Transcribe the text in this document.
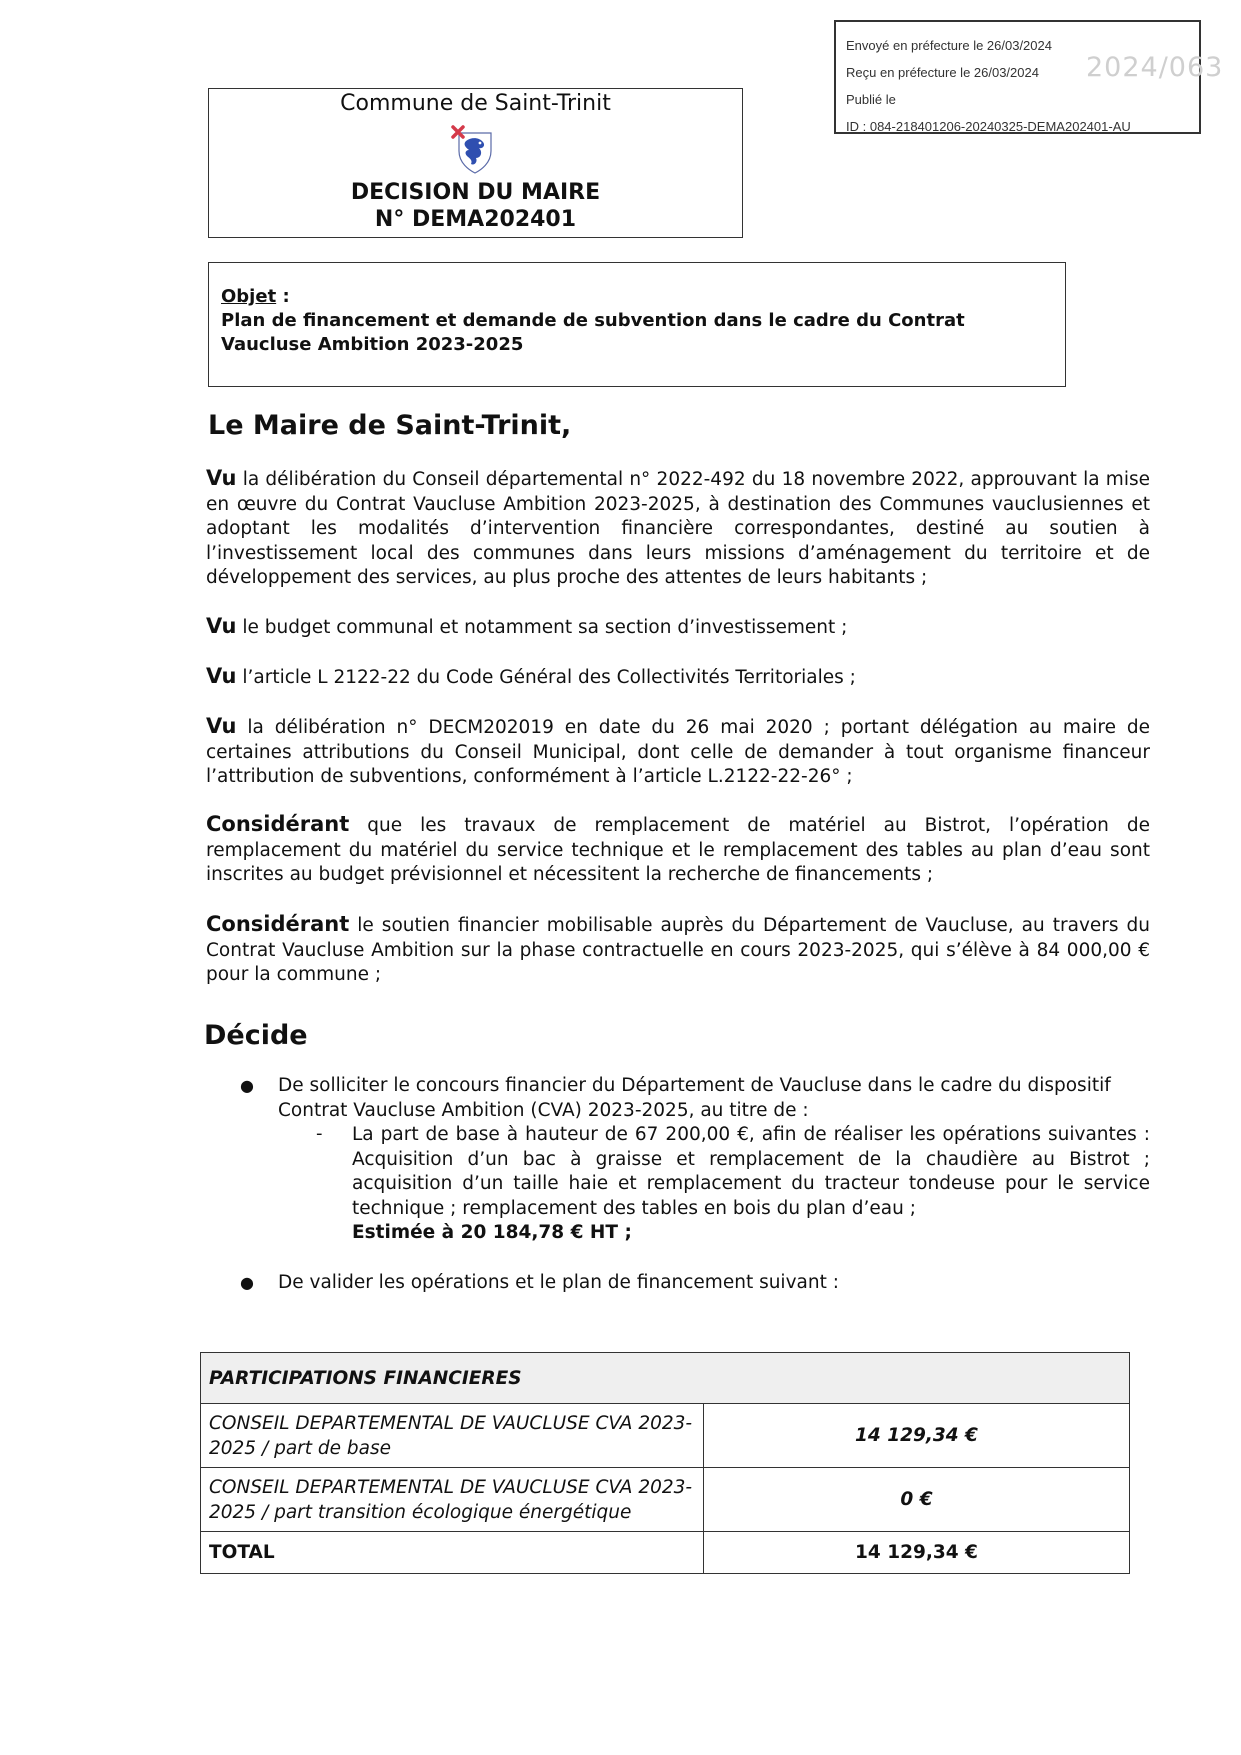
Envoyé en préfecture le 26/03/2024
Reçu en préfecture le 26/03/2024
Publié le
ID : 084-218401206-20240325-DEMA202401-AU
2024/063
Commune de Saint-Trinit
DECISION DU MAIRE
N° DEMA202401
Objet :
Plan de financement et demande de subvention dans le cadre du Contrat Vaucluse Ambition 2023-2025
Le Maire de Saint-Trinit,
Vu la délibération du Conseil départemental n° 2022-492 du 18 novembre 2022, approuvant la mise en œuvre du Contrat Vaucluse Ambition 2023-2025, à destination des Communes vauclusiennes et adoptant les modalités d’intervention financière correspondantes, destiné au soutien à l’investissement local des communes dans leurs missions d’aménagement du territoire et de développement des services, au plus proche des attentes de leurs habitants ;
Vu le budget communal et notamment sa section d’investissement ;
Vu l’article L 2122-22 du Code Général des Collectivités Territoriales ;
Vu la délibération n° DECM202019 en date du 26 mai 2020 ; portant délégation au maire de certaines attributions du Conseil Municipal, dont celle de demander à tout organisme financeur l’attribution de subventions, conformément à l’article L.2122-22-26° ;
Considérant que les travaux de remplacement de matériel au Bistrot, l’opération de remplacement du matériel du service technique et le remplacement des tables au plan d’eau sont inscrites au budget prévisionnel et nécessitent la recherche de financements ;
Considérant le soutien financier mobilisable auprès du Département de Vaucluse, au travers du Contrat Vaucluse Ambition sur la phase contractuelle en cours 2023-2025, qui s’élève à 84 000,00 € pour la commune ;
Décide
● De solliciter le concours financier du Département de Vaucluse dans le cadre du dispositif Contrat Vaucluse Ambition (CVA) 2023-2025, au titre de :
- La part de base à hauteur de 67 200,00 €, afin de réaliser les opérations suivantes : Acquisition d’un bac à graisse et remplacement de la chaudière au Bistrot ; acquisition d’un taille haie et remplacement du tracteur tondeuse pour le service technique ; remplacement des tables en bois du plan d’eau ;
Estimée à 20 184,78 € HT ;
● De valider les opérations et le plan de financement suivant :
PARTICIPATIONS FINANCIERES	
CONSEIL DEPARTEMENTAL DE VAUCLUSE CVA 2023-2025 / part de base	14 129,34 €
CONSEIL DEPARTEMENTAL DE VAUCLUSE CVA 2023-2025 / part transition écologique énergétique	0 €
TOTAL	14 129,34 €
